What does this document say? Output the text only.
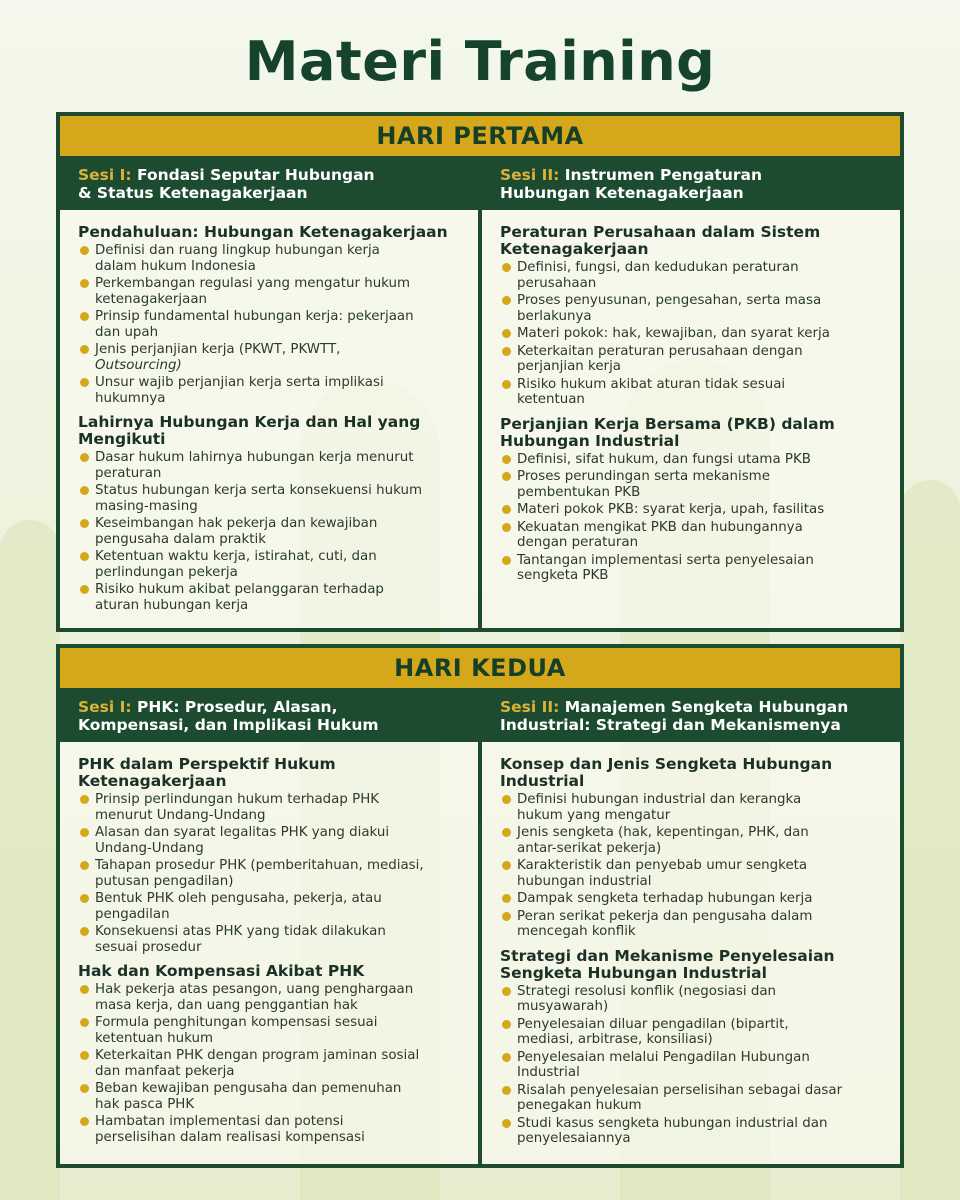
Materi Training
HARI PERTAMA
Sesi I: Fondasi Seputar Hubungan
& Status Ketenagakerjaan
Pendahuluan: Hubungan Ketenagakerjaan
Definisi dan ruang lingkup hubungan kerja
dalam hukum Indonesia
Perkembangan regulasi yang mengatur hukum
ketenagakerjaan
Prinsip fundamental hubungan kerja: pekerjaan
dan upah
Jenis perjanjian kerja (PKWT, PKWTT,
Outsourcing)
Unsur wajib perjanjian kerja serta implikasi
hukumnya
Lahirnya Hubungan Kerja dan Hal yang
Mengikuti
Dasar hukum lahirnya hubungan kerja menurut
peraturan
Status hubungan kerja serta konsekuensi hukum
masing-masing
Keseimbangan hak pekerja dan kewajiban
pengusaha dalam praktik
Ketentuan waktu kerja, istirahat, cuti, dan
perlindungan pekerja
Risiko hukum akibat pelanggaran terhadap
aturan hubungan kerja
Sesi II: Instrumen Pengaturan
Hubungan Ketenagakerjaan
Peraturan Perusahaan dalam Sistem
Ketenagakerjaan
Definisi, fungsi, dan kedudukan peraturan
perusahaan
Proses penyusunan, pengesahan, serta masa
berlakunya
Materi pokok: hak, kewajiban, dan syarat kerja
Keterkaitan peraturan perusahaan dengan
perjanjian kerja
Risiko hukum akibat aturan tidak sesuai
ketentuan
Perjanjian Kerja Bersama (PKB) dalam
Hubungan Industrial
Definisi, sifat hukum, dan fungsi utama PKB
Proses perundingan serta mekanisme
pembentukan PKB
Materi pokok PKB: syarat kerja, upah, fasilitas
Kekuatan mengikat PKB dan hubungannya
dengan peraturan
Tantangan implementasi serta penyelesaian
sengketa PKB
HARI KEDUA
Sesi I: PHK: Prosedur, Alasan,
Kompensasi, dan Implikasi Hukum
PHK dalam Perspektif Hukum
Ketenagakerjaan
Prinsip perlindungan hukum terhadap PHK
menurut Undang-Undang
Alasan dan syarat legalitas PHK yang diakui
Undang-Undang
Tahapan prosedur PHK (pemberitahuan, mediasi,
putusan pengadilan)
Bentuk PHK oleh pengusaha, pekerja, atau
pengadilan
Konsekuensi atas PHK yang tidak dilakukan
sesuai prosedur
Hak dan Kompensasi Akibat PHK
Hak pekerja atas pesangon, uang penghargaan
masa kerja, dan uang penggantian hak
Formula penghitungan kompensasi sesuai
ketentuan hukum
Keterkaitan PHK dengan program jaminan sosial
dan manfaat pekerja
Beban kewajiban pengusaha dan pemenuhan
hak pasca PHK
Hambatan implementasi dan potensi
perselisihan dalam realisasi kompensasi
Sesi II: Manajemen Sengketa Hubungan
Industrial: Strategi dan Mekanismenya
Konsep dan Jenis Sengketa Hubungan
Industrial
Definisi hubungan industrial dan kerangka
hukum yang mengatur
Jenis sengketa (hak, kepentingan, PHK, dan
antar-serikat pekerja)
Karakteristik dan penyebab umur sengketa
hubungan industrial
Dampak sengketa terhadap hubungan kerja
Peran serikat pekerja dan pengusaha dalam
mencegah konflik
Strategi dan Mekanisme Penyelesaian
Sengketa Hubungan Industrial
Strategi resolusi konflik (negosiasi dan
musyawarah)
Penyelesaian diluar pengadilan (bipartit,
mediasi, arbitrase, konsiliasi)
Penyelesaian melalui Pengadilan Hubungan
Industrial
Risalah penyelesaian perselisihan sebagai dasar
penegakan hukum
Studi kasus sengketa hubungan industrial dan
penyelesaiannya
